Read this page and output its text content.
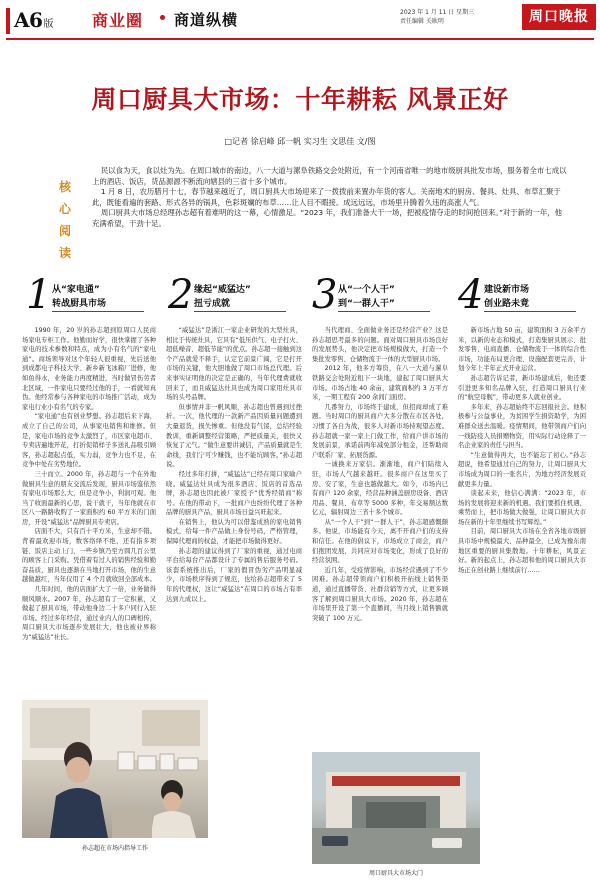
A6版 商业圈 商道纵横	2023 年 1 月 11 日 星期三
责任编辑 关耿明	周口晚报
周口厨具大市场：十年耕耘 风景正好
□记者 徐启峰 邱一帆 实习生 文思佳 文/图
核心阅读

民以食为天，食以灶为先。在周口城市的南边，八一大道与漯阜铁路交会处附近，有一个河南省唯一的地市级厨具批发市场，服务着全市七成以上的酒店、饭店，货品源源不断流向辖县的三省十多个城市。

1 月 8 日，农历腊月十七，春节越来越近了，周口厨具大市场迎来了一拨拨前来置办年货的客人。关南地术的厨房、餐具、灶具、布草汇聚于此，既能看遍的套路、形式各异的锅具，色彩斑斓的布草……让人目不暇接。成远远远，市场里升腾着久违的高涨人气。

周口厨具大市场总经理孙志超有着难明的这一幕，心情激足。“2023 年，我们准备大干一场，把被疫情夺走的时间抢回来。”对于新的一年，他充满希望，干劲十足。

1 从“家电通”
转战厨具市场 2 缘起“威猛达”
扭亏成就 3 从“一个人干”
到“一群人干” 4 建设新市场
创业路未竟

1990 年，20 岁的孙志超到原周口人民商场家电专柜工作。他勤而好学，很快掌握了各种家电的技术参数和特点，成为小有名气的“家电通”。商场领导对这个年轻人很重视，先后送他到成都电子科技大学、新乡新飞冰箱厂进修，他如鱼得水，业务能力再度精进，当时做冒伤劳者北区域，一件家电只要经过他的手，一看就知真伪。他经常参与各种家电的市场推广活动，成为家电行业小有名气的专家。

“家电通”也有创业梦想。孙志超后来下海，成立了自己的公司，从事家电销售和维修。但是，家电市场的竞争太激烈了，市区家电超市、专卖店遍地开花，打折促销样子多送礼品吸引顾客，孙志超起点低，实力弱，竞争力也不足，在竞争中处在劣势地位。

三十而立。2000 年，孙志超与一个在外地做厨具生意的朋友交流后发现，厨具市场鉴依然有家电市场那么大，但是竞争小，利润可观。他当了收面最新的心思，说干就干，当年他就在市区八一路路收购了一家面积约 60 平方米的门面房，开设“威猛达”品牌厨具专卖店。

店面不大，只有百十平方米，生意却不错。背着最欢迎市场，数客络绎不绝，还有指多项链、饭店主动上门，一些乡镇乃至方圆几百公里的顾客上门采购。凭借着有过人的销售经验和勤奋品质，厨具也逐渐在当地打开市场，他的生意越做越红，当年仅用了 4 个月就收回全部成本。

几年时间，他的店面扩大了一倍，业务做得顺风顺水。2007 年，孙志超有了一定积累，又做起了厨具市场，带动他身边二十多户同行入驻市场。经过多年经营，通过业内人的口碑相传，周口厨具大市场逐步发展壮大，他也被业界称为“威猛达”社长。

“威猛达”是浙江一家企业研发的大型灶具，相比于传统灶具，它具有“低压供气、电子打火、超低噪音、超低节能”的优点。孙志超一接触到这个产品就爱不释手，认定它前景广阔，它是打开市场的关键，他大胆地做了周口市场总代理。后来事实证明他的决定是正确的，当年代理费就收回来了，而且威猛达灶具也成为周口家用灶具市场的头号品牌。

但事情并非一帆风顺，孙志超也曾遇到过挫折。一次，他代理的一款新产品因质量问题遭到大量退货，损失惨重。但他没有气馁，总结经验教训，重新调整经营策略，严把质量关，很快又恢复了元气。“做生意要讲诚信，产品质量就是生命线，我们宁可少赚钱，也不能坑顾客。”孙志超说。

经过多年打拼，“威猛达”已经在周口家喻户晓。威猛达灶具成为很多酒店、饭店的首选品牌，孙志超也因此被厂家授予“优秀经销商”称号。在他的带动下，一批商户也纷纷代理了各种品牌的厨具产品，厨具市场日益兴旺起来。

在销售上，他认为可以借鉴成熟的家电销售模式，给每一件产品做上身份号码，严格管理，保障代理商的权益，才能把市场做得更好。

孙志超的建议得到了厂家的重视，通过电商平台给每台产品都设计了专属的售后服务号码。该套系统推出后，厂家的假冒伪劣产品明显减少，市场秩序得到了规范，也给孙志超带来了 5 年的代理权，这让“威猛达”在周口的市场占有率达到九成以上。

当代理商、全面做业务还是经营产业？这是孙志超思考最多的问题。面对周口厨具市场良好的发展势头，他决定把市场规模做大，打造一个集批发零售、仓储物流于一体的大型厨具市场。

2012 年，他多方筹资，在八一大道与漯阜铁路交会处附近租下一块地，建起了周口厨具大市场。市场占地 40 余亩，建筑面积约 3 万平方米，一期工程有 200 余间门面房。

几番努力，市场终于建成，但招商却成了难题。当时周口的厨具商户大多分散在市区各处，习惯了各自为战，很多人对新市场持观望态度。孙志超就一家一家上门做工作，给商户讲市场的发展前景，承诺前两年减免部分租金，还帮助商户联系厂家、拓展货源。

一诚换来万家信。渐渐地，商户们陆续入驻，市场人气越来越旺。很多商户在这里买了房、安了家，生意也越做越大。如今，市场内已有商户 120 余家，经营品种涵盖厨房设备、酒店用品、餐具、布草等 5000 多种，年交易额达数亿元，辐射周边三省十多个城市。

从“一个人干”到“一群人干”，孙志超感慨颇多。他说，市场能有今天，离不开商户们的支持和信任。在他的倡议下，市场成立了商会，商户们抱团发展，共同应对市场变化，形成了良好的经营氛围。

近几年，受疫情影响，市场经营遇到了不少困难。孙志超带领商户们积极开拓线上销售渠道，通过直播带货、社群营销等方式，让更多顾客了解到周口厨具大市场。2020 年，孙志超在市场里开设了第一个直播间，当月线上销售额就突破了 100 万元。

新市场占地 50 亩，建筑面积 3 万余平方米，以新的业态和模式，打造集厨具展示、批发零售、电商直播、仓储物流于一体的综合性市场，功能布局更合理、设施配套更完善，计划今年上半年正式开业运营。

孙志超告诉记者，新市场建成后，他还要引进更多知名品牌入驻，打造周口厨具行业的“航空母舰”，带动更多人就业创业。

多年来，孙志超始终不忘回报社会。他积极参与公益事业，为贫困学生捐资助学，为困难群众送去温暖。疫情期间，他带领商户们向一线防疫人员捐赠物资，用实际行动诠释了一名企业家的责任与担当。

“生意做得再大，也不能忘了初心。”孙志超说，他希望通过自己的努力，让周口厨具大市场成为周口的一张名片，为地方经济发展贡献更多力量。

谈起未来，他信心满满：“2023 年，市场的发展将迎来新的机遇。我们要抓住机遇，乘势而上，把市场做大做强，让周口厨具大市场在新的十年里继续书写辉煌。”

目前，周口厨具大市场在全省各地市级厨具市场中规模最大、品种最全，已成为豫东南地区重要的厨具集散地。十年耕耘，风景正好。新的起点上，孙志超和他的周口厨具大市场正在创业路上继续前行……

孙志超在市场内指导工作
周口厨具大市场大门
